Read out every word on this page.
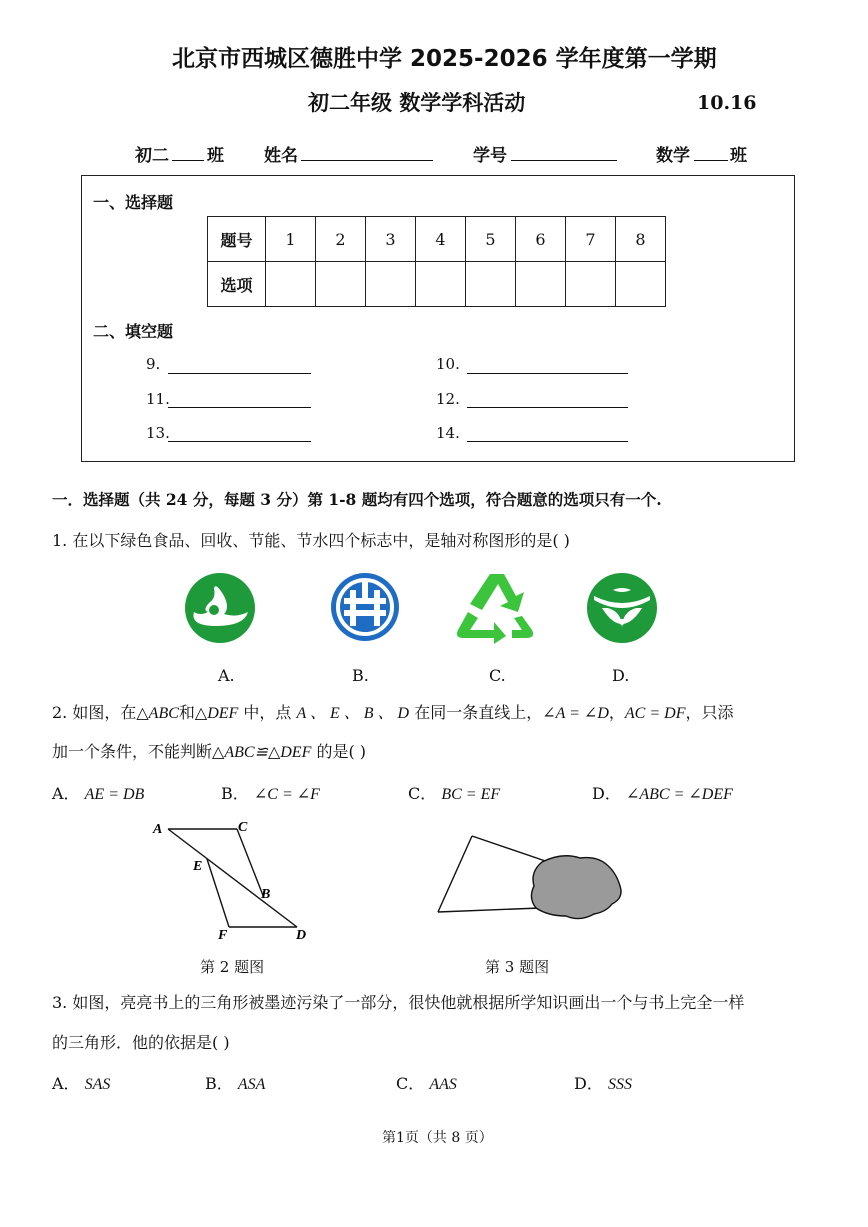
北京市西城区德胜中学 2025-2026 学年度第一学期
初二年级 数学学科活动	10.16
初二 班 姓名	学号	数学 班
一、选择题
题号	1	2	3	4	5	6	7	8
选项								
二、填空题
9.	10.
11.	12.
13.	14.
一．选择题（共 24 分，每题 3 分）第 1-8 题均有四个选项，符合题意的选项只有一个.
1. 在以下绿色食品、回收、节能、节水四个标志中，是轴对称图形的是( )
A.	B.	C.	D.
2. 如图，在△ABC和△DEF 中，点 A 、 E 、 B 、 D 在同一条直线上，∠A = ∠D，AC = DF，只添
加一个条件，不能判断△ABC≌△DEF 的是( )
A． AE = DB	B． ∠C = ∠F	C． BC = EF	D． ∠ABC = ∠DEF
A	C
E
B
F	D
第 2 题图	第 3 题图
3. 如图，亮亮书上的三角形被墨迹污染了一部分，很快他就根据所学知识画出一个与书上完全一样
的三角形．他的依据是( )
A． SAS	B． ASA	C． AAS	D． SSS
第1页（共 8 页）
